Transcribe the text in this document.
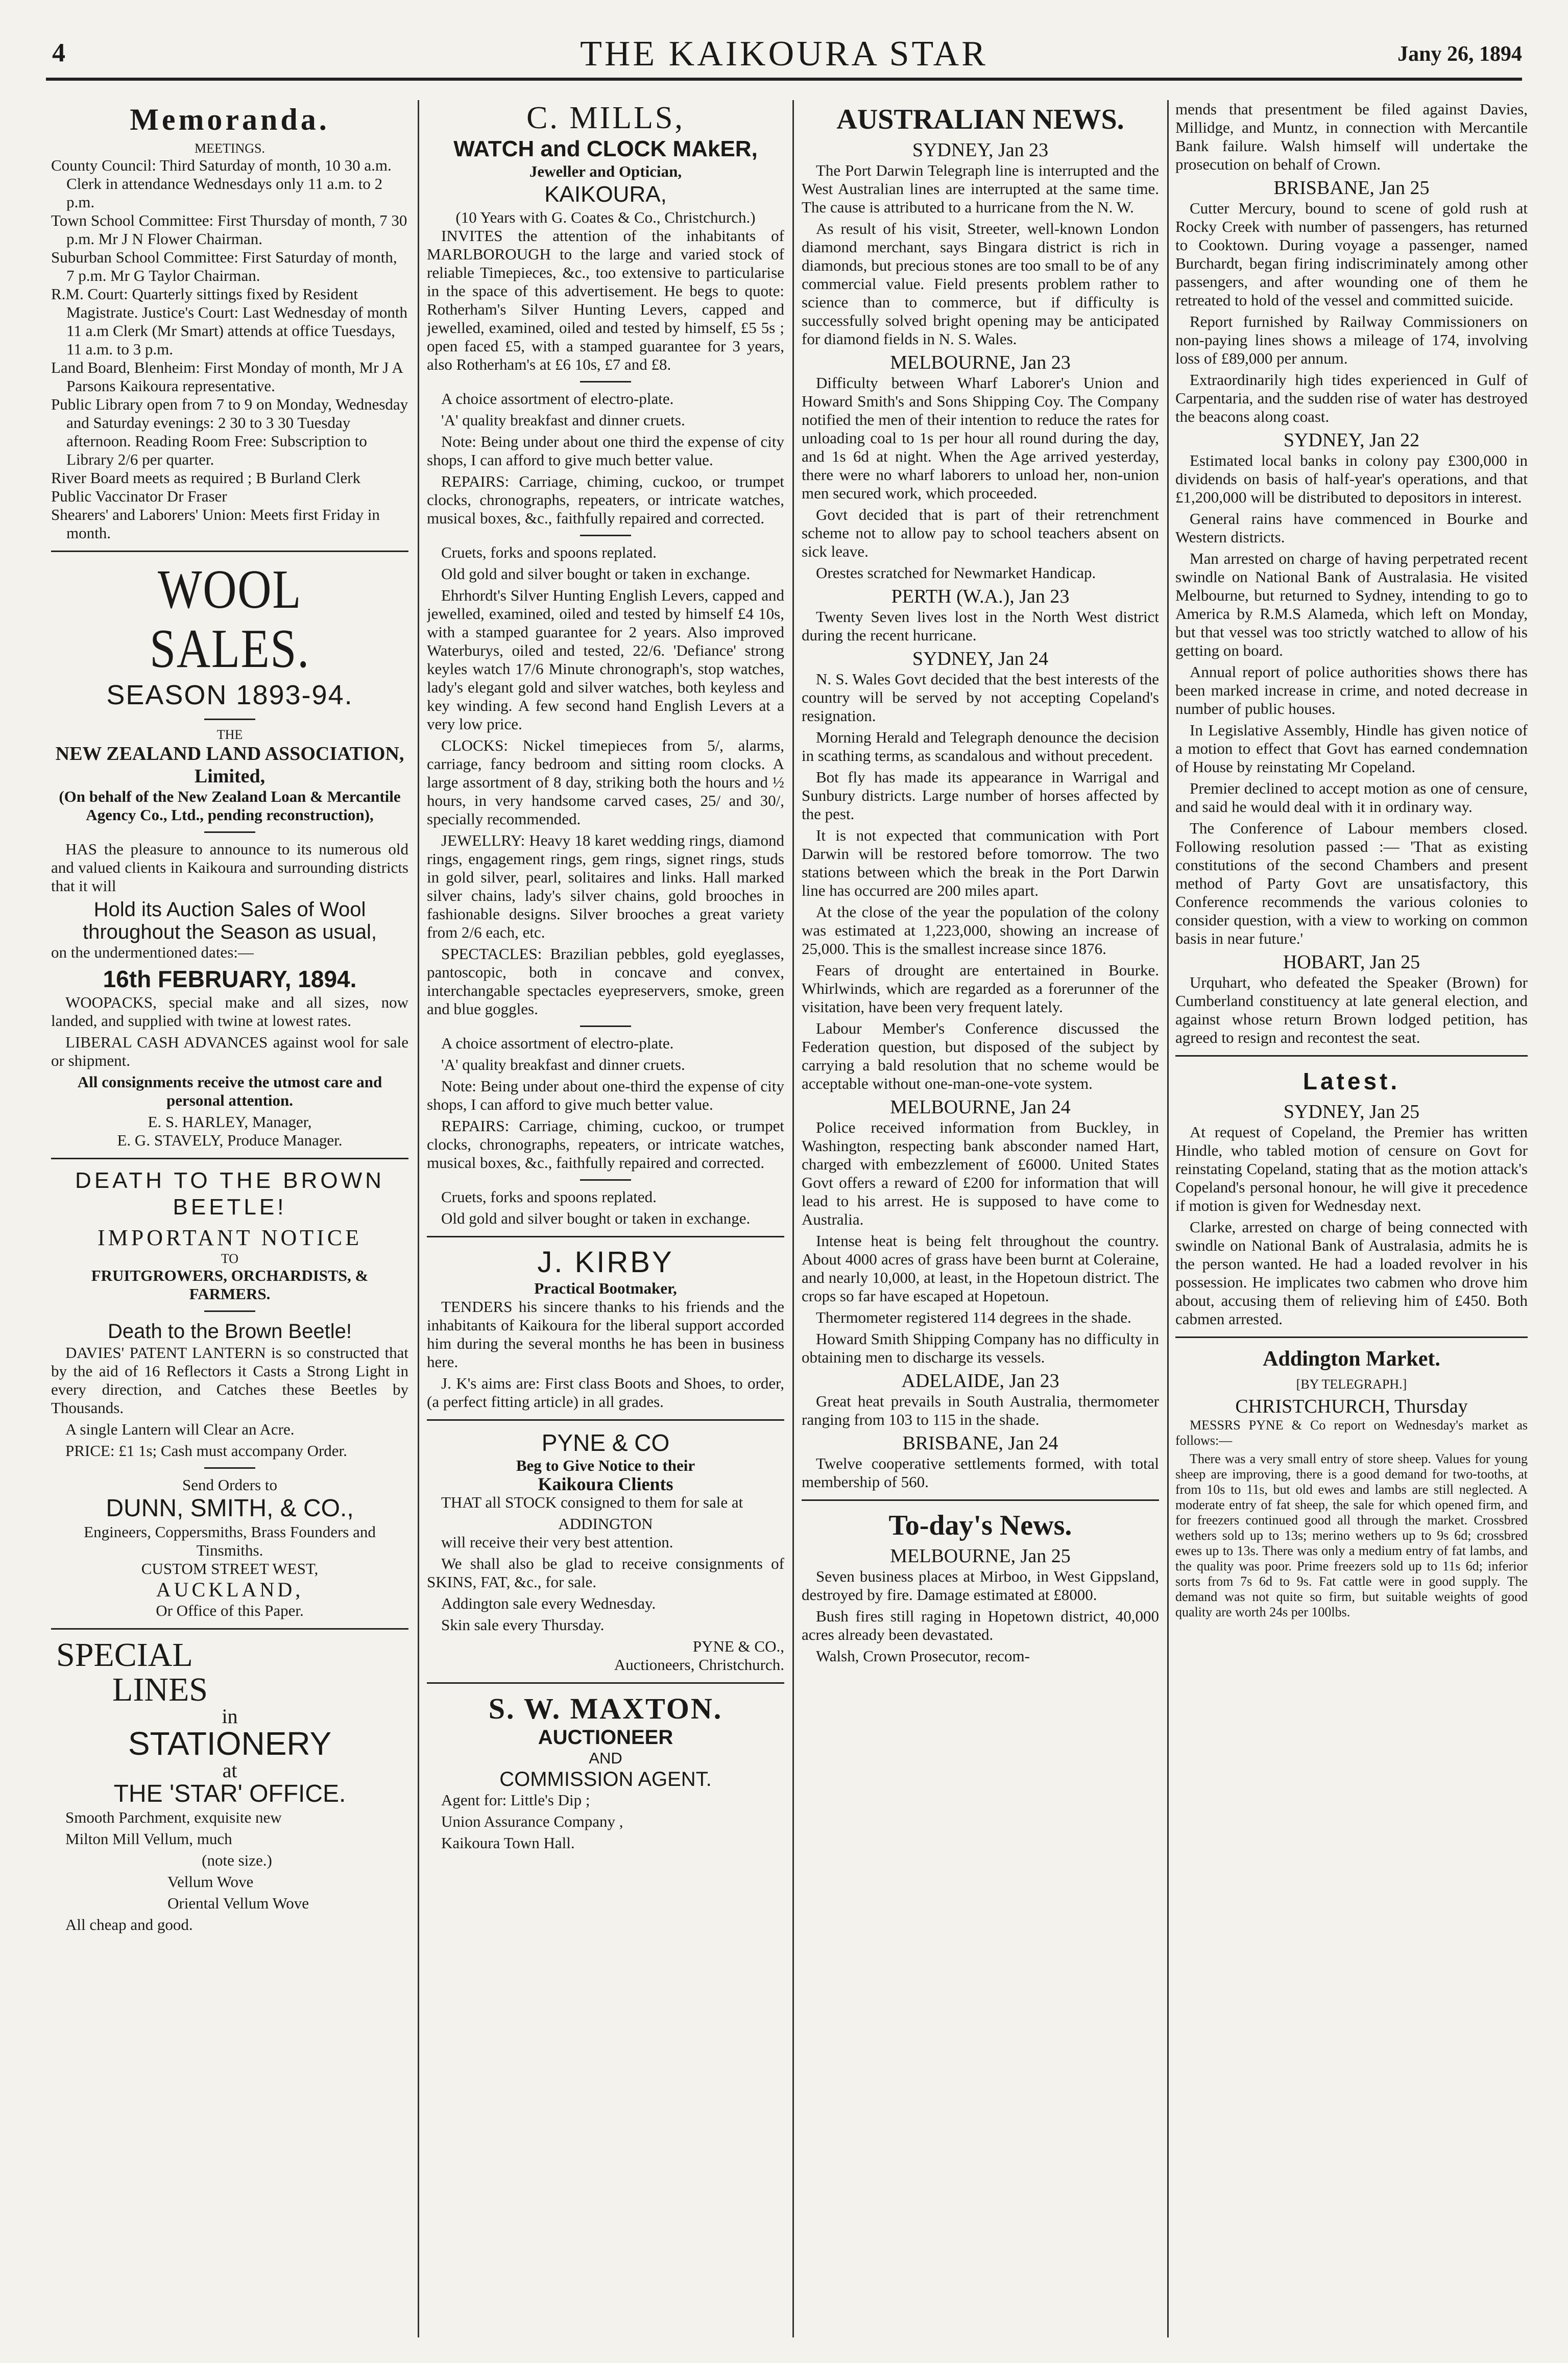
4	THE KAIKOURA STAR	Jany 26, 1894
Memoranda.
MEETINGS.

County Council: Third Saturday of month, 10 30 a.m. Clerk in attendance Wednesdays only 11 a.m. to 2 p.m.

Town School Committee: First Thursday of month, 7 30 p.m. Mr J N Flower Chairman.

Suburban School Committee: First Saturday of month, 7 p.m. Mr G Taylor Chairman.

R.M. Court: Quarterly sittings fixed by Resident Magistrate. Justice's Court: Last Wednesday of month 11 a.m Clerk (Mr Smart) attends at office Tuesdays, 11 a.m. to 3 p.m.

Land Board, Blenheim: First Monday of month, Mr J A Parsons Kaikoura representative.

Public Library open from 7 to 9 on Monday, Wednesday and Saturday evenings: 2 30 to 3 30 Tuesday afternoon. Reading Room Free: Subscription to Library 2/6 per quarter.

River Board meets as required ; B Burland Clerk

Public Vaccinator Dr Fraser

Shearers' and Laborers' Union: Meets first Friday in month.

WOOL SALES.
SEASON 1893-94.
THE
NEW ZEALAND LAND ASSOCIATION, Limited,
(On behalf of the New Zealand Loan & Mercantile Agency Co., Ltd., pending reconstruction),

HAS the pleasure to announce to its numerous old and valued clients in Kaikoura and surrounding districts that it will

Hold its Auction Sales of Wool throughout the Season as usual,

on the undermentioned dates:—

16th FEBRUARY, 1894.

WOOPACKS, special make and all sizes, now landed, and supplied with twine at lowest rates.

LIBERAL CASH ADVANCES against wool for sale or shipment.

All consignments receive the utmost care and personal attention.

E. S. HARLEY, Manager,
E. G. STAVELY, Produce Manager.
DEATH TO THE BROWN BEETLE!
IMPORTANT NOTICE
TO
FRUITGROWERS, ORCHARDISTS, & FARMERS.
Death to the Brown Beetle!

DAVIES' PATENT LANTERN is so constructed that by the aid of 16 Reflectors it Casts a Strong Light in every direction, and Catches these Beetles by Thousands.

A single Lantern will Clear an Acre.

PRICE: £1 1s; Cash must accompany Order.

Send Orders to
DUNN, SMITH, & CO.,
Engineers, Coppersmiths, Brass Founders and Tinsmiths.
CUSTOM STREET WEST,
AUCKLAND,
Or Office of this Paper.
SPECIAL
LINES
in
STATIONERY
at
THE 'STAR' OFFICE.

Smooth Parchment, exquisite new

Milton Mill Vellum, much

(note size.)

Vellum Wove

Oriental Vellum Wove

All cheap and good.

C. MILLS,
WATCH and CLOCK MAkER,
Jeweller and Optician,
KAIKOURA,
(10 Years with G. Coates & Co., Christchurch.)

INVITES the attention of the inhabitants of MARLBOROUGH to the large and varied stock of reliable Timepieces, &c., too extensive to particularise in the space of this advertisement. He begs to quote: Rotherham's Silver Hunting Levers, capped and jewelled, examined, oiled and tested by himself, £5 5s ; open faced £5, with a stamped guarantee for 3 years, also Rotherham's at £6 10s, £7 and £8.

A choice assortment of electro-plate.

'A' quality breakfast and dinner cruets.

Note: Being under about one third the expense of city shops, I can afford to give much better value.

REPAIRS: Carriage, chiming, cuckoo, or trumpet clocks, chronographs, repeaters, or intricate watches, musical boxes, &c., faithfully repaired and corrected.

Cruets, forks and spoons replated.

Old gold and silver bought or taken in exchange.

Ehrhordt's Silver Hunting English Levers, capped and jewelled, examined, oiled and tested by himself £4 10s, with a stamped guarantee for 2 years. Also improved Waterburys, oiled and tested, 22/6. 'Defiance' strong keyles watch 17/6 Minute chronograph's, stop watches, lady's elegant gold and silver watches, both keyless and key winding. A few second hand English Levers at a very low price.

CLOCKS: Nickel timepieces from 5/, alarms, carriage, fancy bedroom and sitting room clocks. A large assortment of 8 day, striking both the hours and ½ hours, in very handsome carved cases, 25/ and 30/, specially recommended.

JEWELLRY: Heavy 18 karet wedding rings, diamond rings, engagement rings, gem rings, signet rings, studs in gold silver, pearl, solitaires and links. Hall marked silver chains, lady's silver chains, gold brooches in fashionable designs. Silver brooches a great variety from 2/6 each, etc.

SPECTACLES: Brazilian pebbles, gold eyeglasses, pantoscopic, both in concave and convex, interchangable spectacles eyepreservers, smoke, green and blue goggles.

A choice assortment of electro-plate.

'A' quality breakfast and dinner cruets.

Note: Being under about one-third the expense of city shops, I can afford to give much better value.

REPAIRS: Carriage, chiming, cuckoo, or trumpet clocks, chronographs, repeaters, or intricate watches, musical boxes, &c., faithfully repaired and corrected.

Cruets, forks and spoons replated.

Old gold and silver bought or taken in exchange.

J. KIRBY
Practical Bootmaker,

TENDERS his sincere thanks to his friends and the inhabitants of Kaikoura for the liberal support accorded him during the several months he has been in business here.

J. K's aims are: First class Boots and Shoes, to order, (a perfect fitting article) in all grades.

PYNE & CO
Beg to Give Notice to their
Kaikoura Clients

THAT all STOCK consigned to them for sale at

ADDINGTON

will receive their very best attention.

We shall also be glad to receive consignments of SKINS, FAT, &c., for sale.

Addington sale every Wednesday.

Skin sale every Thursday.

PYNE & CO.,
Auctioneers, Christchurch.
S. W. MAXTON.
AUCTIONEER
AND
COMMISSION AGENT.

Agent for: Little's Dip ;

Union Assurance Company ,

Kaikoura Town Hall.

AUSTRALIAN NEWS.
SYDNEY, Jan 23

The Port Darwin Telegraph line is interrupted and the West Australian lines are interrupted at the same time. The cause is attributed to a hurricane from the N. W.

As result of his visit, Streeter, well-known London diamond merchant, says Bingara district is rich in diamonds, but precious stones are too small to be of any commercial value. Field presents problem rather to science than to commerce, but if difficulty is successfully solved bright opening may be anticipated for diamond fields in N. S. Wales.

MELBOURNE, Jan 23

Difficulty between Wharf Laborer's Union and Howard Smith's and Sons Shipping Coy. The Company notified the men of their intention to reduce the rates for unloading coal to 1s per hour all round during the day, and 1s 6d at night. When the Age arrived yesterday, there were no wharf laborers to unload her, non-union men secured work, which proceeded.

Govt decided that is part of their retrenchment scheme not to allow pay to school teachers absent on sick leave.

Orestes scratched for Newmarket Handicap.

PERTH (W.A.), Jan 23

Twenty Seven lives lost in the North West district during the recent hurricane.

SYDNEY, Jan 24

N. S. Wales Govt decided that the best interests of the country will be served by not accepting Copeland's resignation.

Morning Herald and Telegraph denounce the decision in scathing terms, as scandalous and without precedent.

Bot fly has made its appearance in Warrigal and Sunbury districts. Large number of horses affected by the pest.

It is not expected that communication with Port Darwin will be restored before tomorrow. The two stations between which the break in the Port Darwin line has occurred are 200 miles apart.

At the close of the year the population of the colony was estimated at 1,223,000, showing an increase of 25,000. This is the smallest increase since 1876.

Fears of drought are entertained in Bourke. Whirlwinds, which are regarded as a forerunner of the visitation, have been very frequent lately.

Labour Member's Conference discussed the Federation question, but disposed of the subject by carrying a bald resolution that no scheme would be acceptable without one-man-one-vote system.

MELBOURNE, Jan 24

Police received information from Buckley, in Washington, respecting bank absconder named Hart, charged with embezzlement of £6000. United States Govt offers a reward of £200 for information that will lead to his arrest. He is supposed to have come to Australia.

Intense heat is being felt throughout the country. About 4000 acres of grass have been burnt at Coleraine, and nearly 10,000, at least, in the Hopetoun district. The crops so far have escaped at Hopetoun.

Thermometer registered 114 degrees in the shade.

Howard Smith Shipping Company has no difficulty in obtaining men to discharge its vessels.

ADELAIDE, Jan 23

Great heat prevails in South Australia, thermometer ranging from 103 to 115 in the shade.

BRISBANE, Jan 24

Twelve cooperative settlements formed, with total membership of 560.

To-day's News.
MELBOURNE, Jan 25

Seven business places at Mirboo, in West Gippsland, destroyed by fire. Damage estimated at £8000.

Bush fires still raging in Hopetown district, 40,000 acres already been devastated.

Walsh, Crown Prosecutor, recom-

mends that presentment be filed against Davies, Millidge, and Muntz, in connection with Mercantile Bank failure. Walsh himself will undertake the prosecution on behalf of Crown.

BRISBANE, Jan 25

Cutter Mercury, bound to scene of gold rush at Rocky Creek with number of passengers, has returned to Cooktown. During voyage a passenger, named Burchardt, began firing indiscriminately among other passengers, and after wounding one of them he retreated to hold of the vessel and committed suicide.

Report furnished by Railway Commissioners on non-paying lines shows a mileage of 174, involving loss of £89,000 per annum.

Extraordinarily high tides experienced in Gulf of Carpentaria, and the sudden rise of water has destroyed the beacons along coast.

SYDNEY, Jan 22

Estimated local banks in colony pay £300,000 in dividends on basis of half-year's operations, and that £1,200,000 will be distributed to depositors in interest.

General rains have commenced in Bourke and Western districts.

Man arrested on charge of having perpetrated recent swindle on National Bank of Australasia. He visited Melbourne, but returned to Sydney, intending to go to America by R.M.S Alameda, which left on Monday, but that vessel was too strictly watched to allow of his getting on board.

Annual report of police authorities shows there has been marked increase in crime, and noted decrease in number of public houses.

In Legislative Assembly, Hindle has given notice of a motion to effect that Govt has earned condemnation of House by reinstating Mr Copeland.

Premier declined to accept motion as one of censure, and said he would deal with it in ordinary way.

The Conference of Labour members closed. Following resolution passed :— 'That as existing constitutions of the second Chambers and present method of Party Govt are unsatisfactory, this Conference recommends the various colonies to consider question, with a view to working on common basis in near future.'

HOBART, Jan 25

Urquhart, who defeated the Speaker (Brown) for Cumberland constituency at late general election, and against whose return Brown lodged petition, has agreed to resign and recontest the seat.

Latest.
SYDNEY, Jan 25

At request of Copeland, the Premier has written Hindle, who tabled motion of censure on Govt for reinstating Copeland, stating that as the motion attack's Copeland's personal honour, he will give it precedence if motion is given for Wednesday next.

Clarke, arrested on charge of being connected with swindle on National Bank of Australasia, admits he is the person wanted. He had a loaded revolver in his possession. He implicates two cabmen who drove him about, accusing them of relieving him of £450. Both cabmen arrested.

Addington Market.
[BY TELEGRAPH.]
CHRISTCHURCH, Thursday

MESSRS PYNE & Co report on Wednesday's market as follows:—

There was a very small entry of store sheep. Values for young sheep are improving, there is a good demand for two-tooths, at from 10s to 11s, but old ewes and lambs are still neglected. A moderate entry of fat sheep, the sale for which opened firm, and for freezers continued good all through the market. Crossbred wethers sold up to 13s; merino wethers up to 9s 6d; crossbred ewes up to 13s. There was only a medium entry of fat lambs, and the quality was poor. Prime freezers sold up to 11s 6d; inferior sorts from 7s 6d to 9s. Fat cattle were in good supply. The demand was not quite so firm, but suitable weights of good quality are worth 24s per 100lbs.
